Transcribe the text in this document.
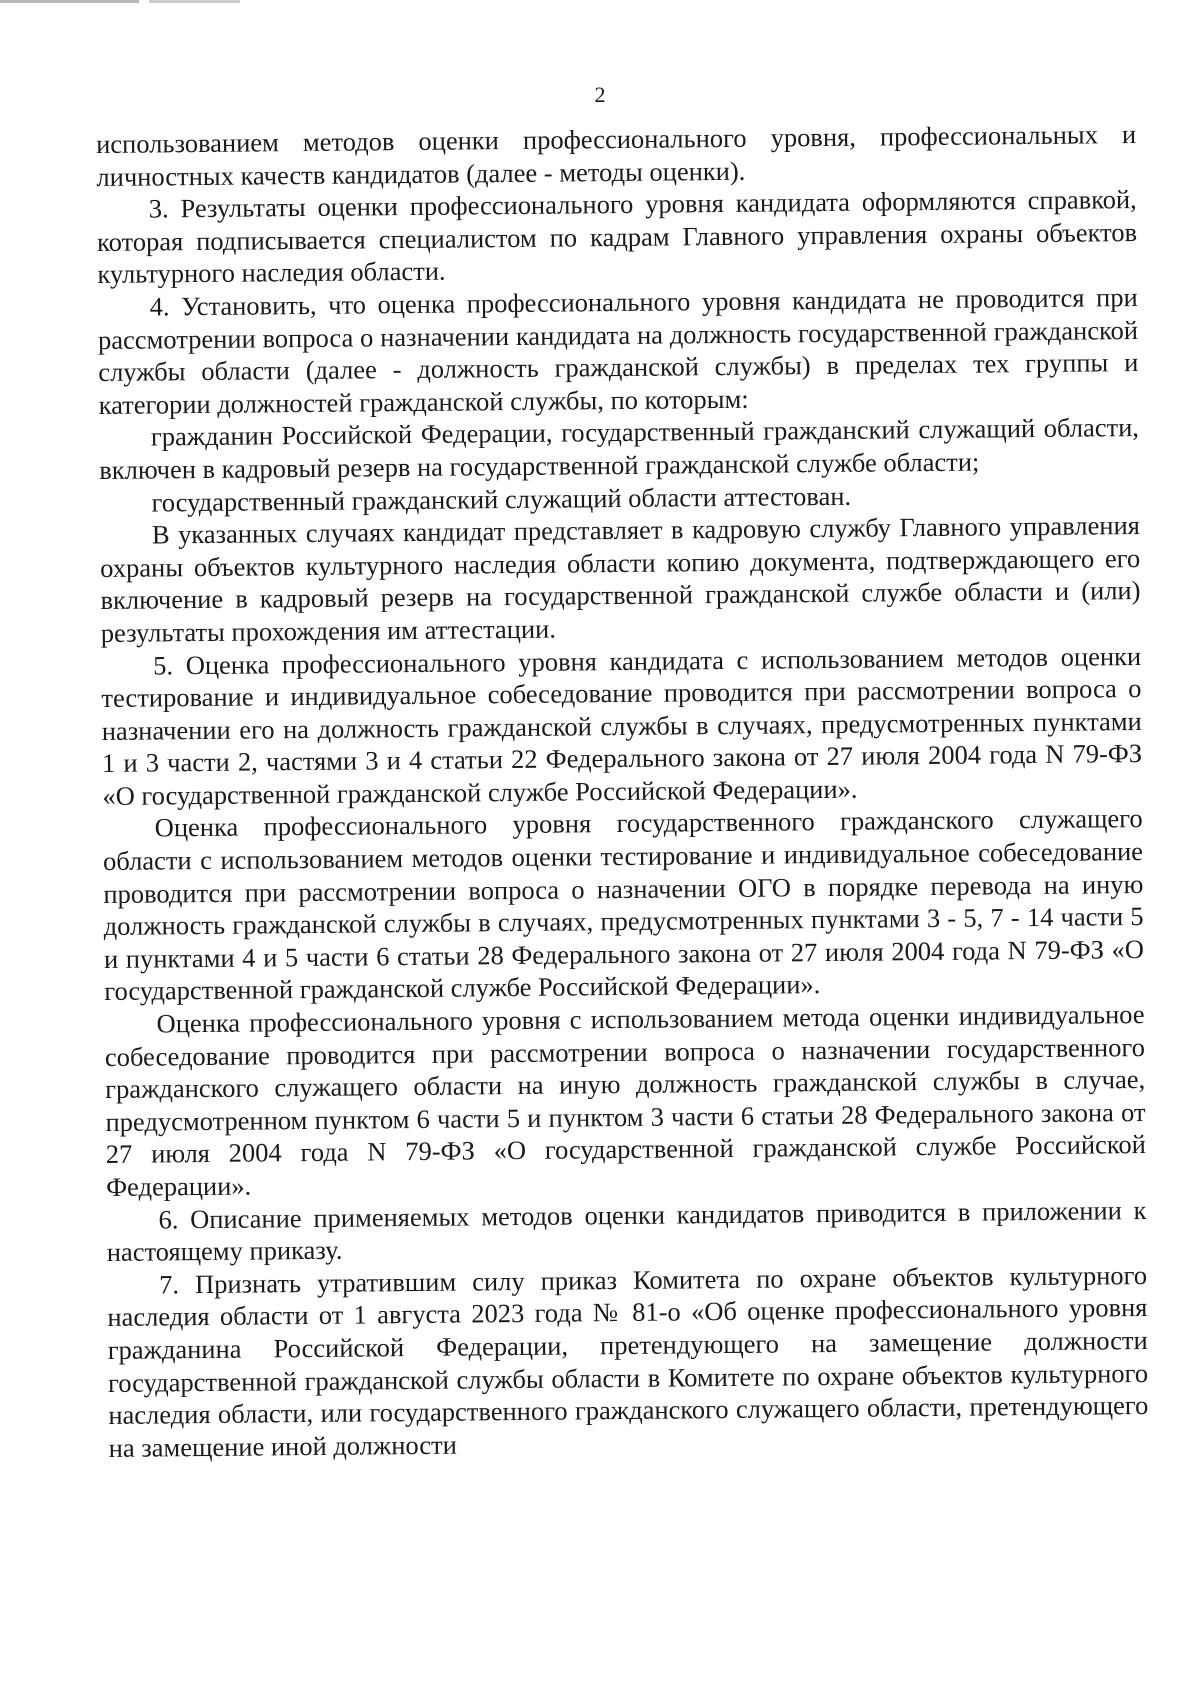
2

использованием методов оценки профессионального уровня, профессиональных и личностных качеств кандидатов (далее - методы оценки).

3. Результаты оценки профессионального уровня кандидата оформляются справкой, которая подписывается специалистом по кадрам Главного управления охраны объектов культурного наследия области.

4. Установить, что оценка профессионального уровня кандидата не проводится при рассмотрении вопроса о назначении кандидата на должность государственной гражданской службы области (далее - должность гражданской службы) в пределах тех группы и категории должностей гражданской службы, по которым:

гражданин Российской Федерации, государственный гражданский служащий области, включен в кадровый резерв на государственной гражданской службе области;

государственный гражданский служащий области аттестован.

В указанных случаях кандидат представляет в кадровую службу Главного управления охраны объектов культурного наследия области копию документа, подтверждающего его включение в кадровый резерв на государственной гражданской службе области и (или) результаты прохождения им аттестации.

5. Оценка профессионального уровня кандидата с использованием методов оценки тестирование и индивидуальное собеседование проводится при рассмотрении вопроса о назначении его на должность гражданской службы в случаях, предусмотренных пунктами 1 и 3 части 2, частями 3 и 4 статьи 22 Федерального закона от 27 июля 2004 года N 79-ФЗ «О государственной гражданской службе Российской Федерации».

Оценка профессионального уровня государственного гражданского служащего области с использованием методов оценки тестирование и индивидуальное собеседование проводится при рассмотрении вопроса о назначении ОГО в порядке перевода на иную должность гражданской службы в случаях, предусмотренных пунктами 3 - 5, 7 - 14 части 5 и пунктами 4 и 5 части 6 статьи 28 Федерального закона от 27 июля 2004 года N 79-ФЗ «О государственной гражданской службе Российской Федерации».

Оценка профессионального уровня с использованием метода оценки индивидуальное собеседование проводится при рассмотрении вопроса о назначении государственного гражданского служащего области на иную должность гражданской службы в случае, предусмотренном пунктом 6 части 5 и пунктом 3 части 6 статьи 28 Федерального закона от 27 июля 2004 года N 79-ФЗ «О государственной гражданской службе Российской Федерации».

6. Описание применяемых методов оценки кандидатов приводится в приложении к настоящему приказу.

7. Признать утратившим силу приказ Комитета по охране объектов культурного наследия области от 1 августа 2023 года № 81-о «Об оценке профессионального уровня гражданина Российской Федерации, претендующего на замещение должности государственной гражданской службы области в Комитете по охране объектов культурного наследия области, или государственного гражданского служащего области, претендующего на замещение иной должности
